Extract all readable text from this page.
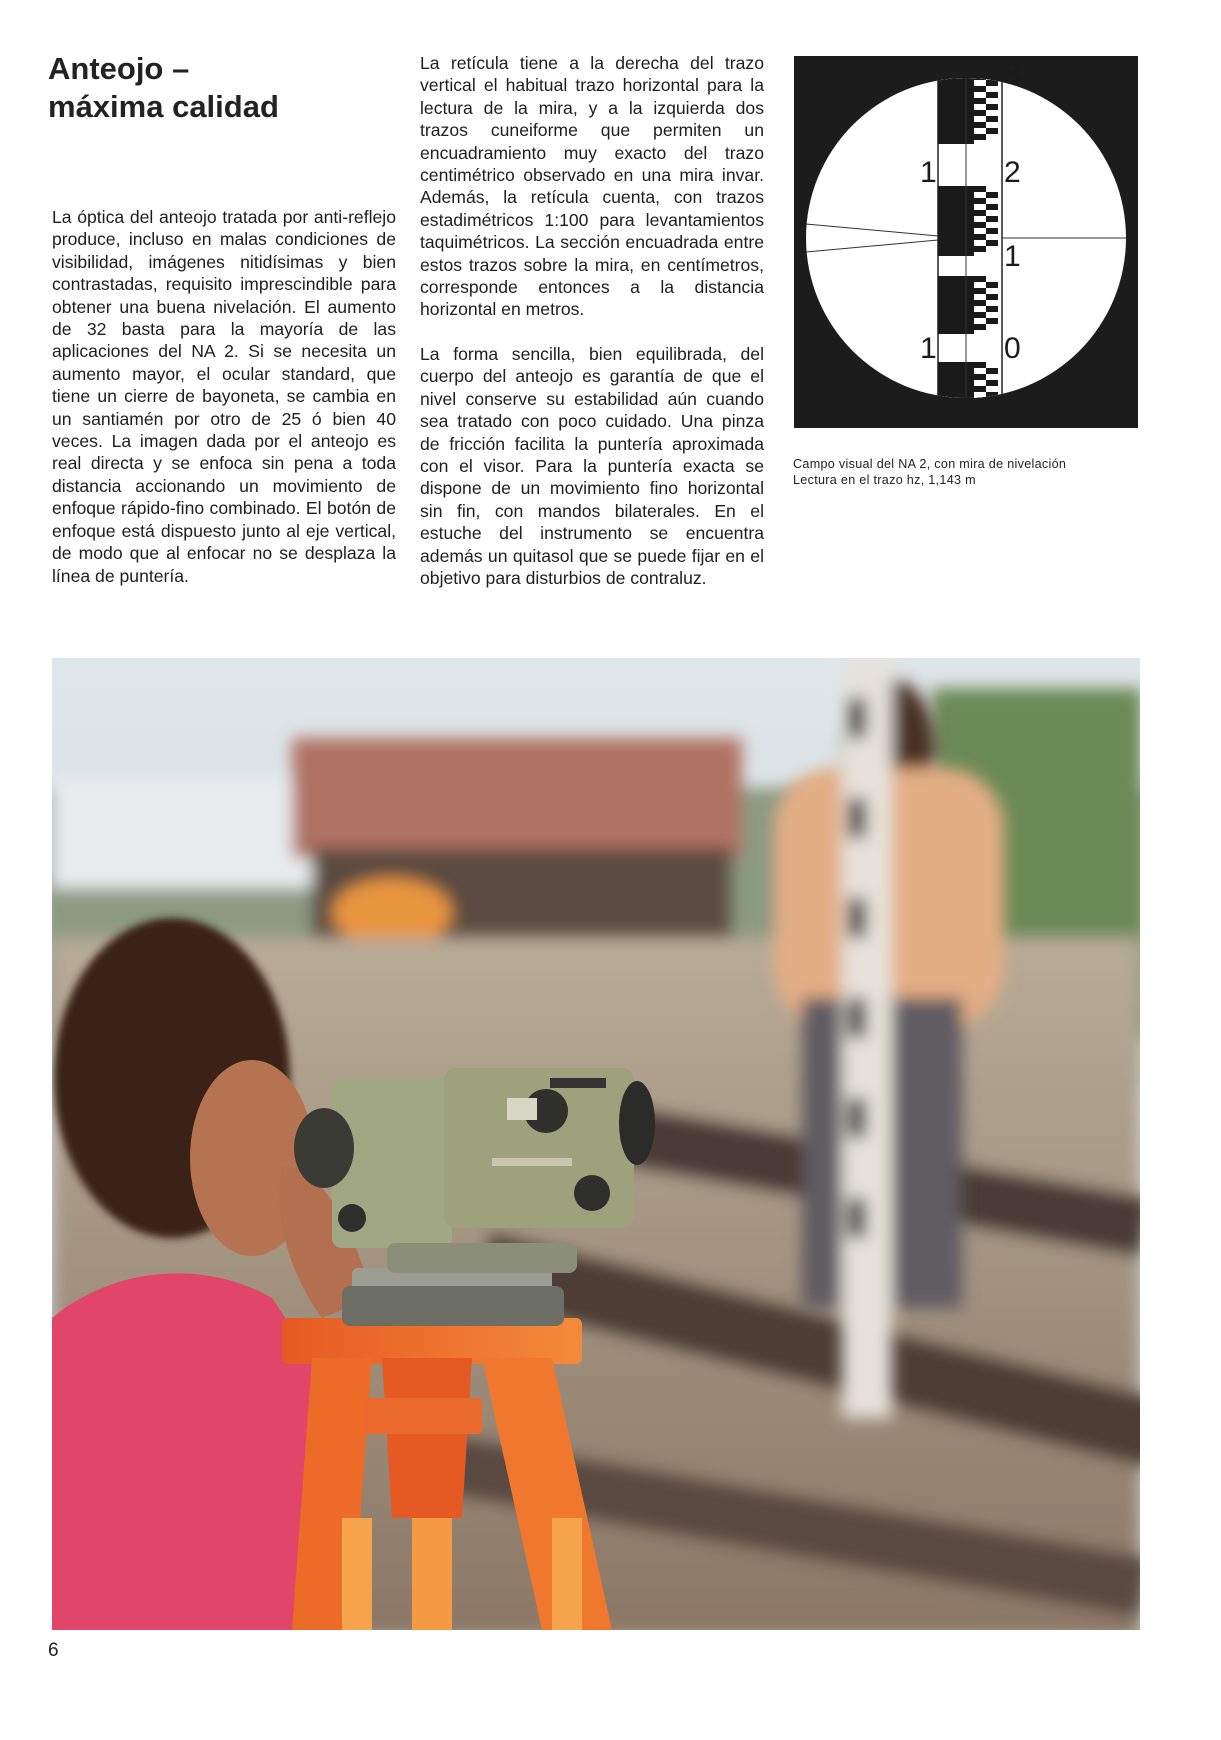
Anteojo –
máxima calidad

La óptica del anteojo tratada por anti-reflejo produce, incluso en malas condiciones de visibilidad, imágenes nitidísimas y bien contrastadas, requisito imprescindible para obtener una buena nivelación. El aumento de 32 basta para la mayoría de las aplicaciones del NA 2. Si se necesita un aumento mayor, el ocular standard, que tiene un cierre de bayoneta, se cambia en un santiamén por otro de 25 ó bien 40 veces. La imagen dada por el anteojo es real directa y se enfoca sin pena a toda distancia accionando un movimiento de enfoque rápido-fino combinado. El botón de enfoque está dispuesto junto al eje vertical, de modo que al enfocar no se desplaza la línea de puntería.

La retícula tiene a la derecha del trazo vertical el habitual trazo horizontal para la lectura de la mira, y a la izquierda dos trazos cuneiforme que permiten un encuadramiento muy exacto del trazo centimétrico observado en una mira invar. Además, la retícula cuenta, con trazos estadimétricos 1:100 para levantamientos taquimétricos. La sección encuadrada entre estos trazos sobre la mira, en centímetros, corresponde entonces a la distancia horizontal en metros.

La forma sencilla, bien equilibrada, del cuerpo del anteojo es garantía de que el nivel conserve su estabilidad aún cuando sea tratado con poco cuidado. Una pinza de fricción facilita la puntería aproximada con el visor. Para la puntería exacta se dispone de un movimiento fino horizontal sin fin, con mandos bilaterales. En el estuche del instrumento se encuentra además un quitasol que se puede fijar en el objetivo para disturbios de contraluz.

3
1 2
1
1 0
Campo visual del NA 2, con mira de nivelación
Lectura en el trazo hz, 1,143 m
6
